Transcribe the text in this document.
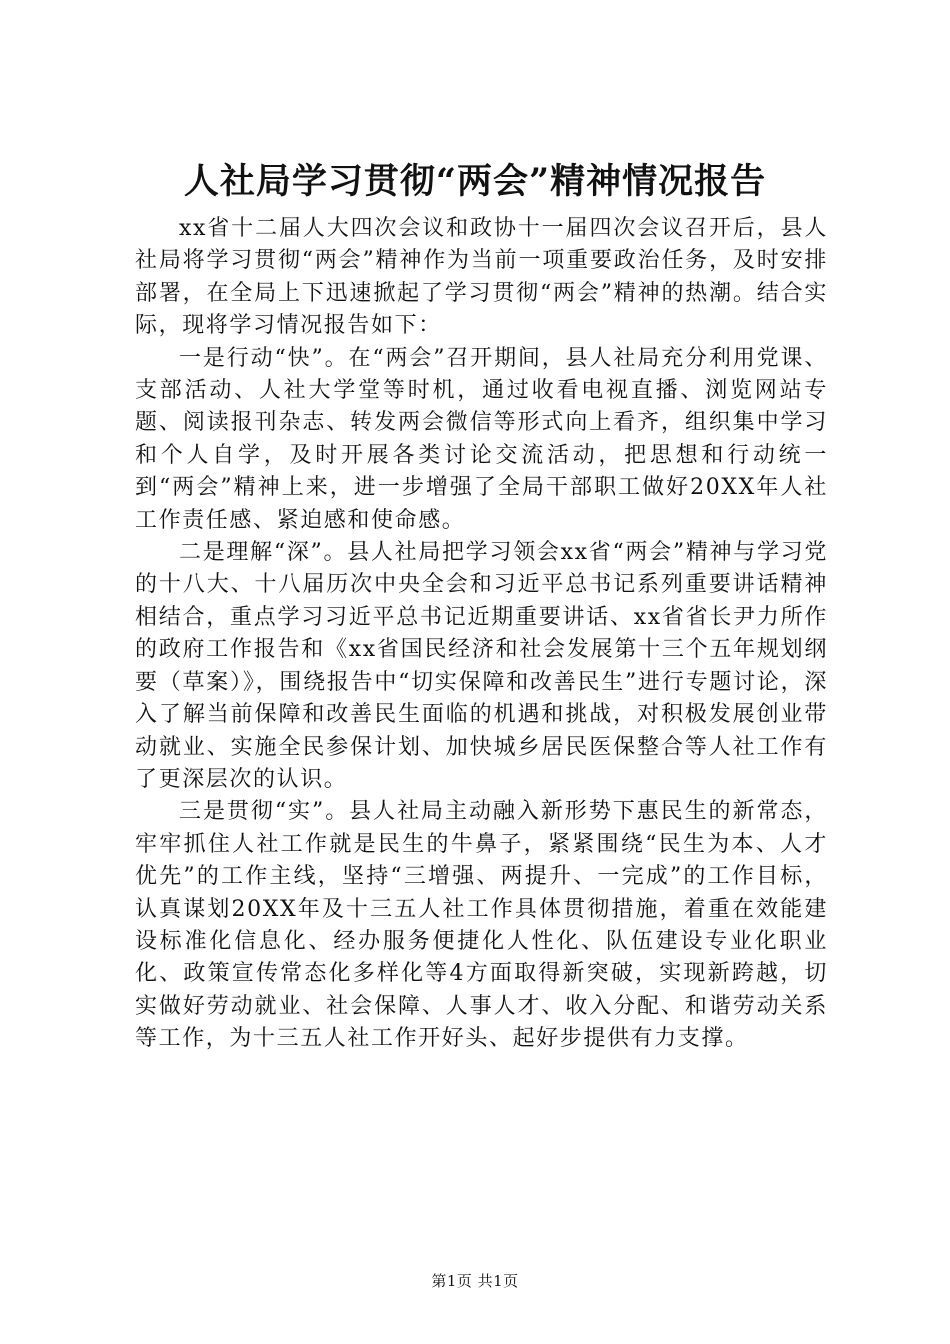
人社局学习贯彻“两会”精神情况报告

xx省十二届人大四次会议和政协十一届四次会议召开后，县人社局将学习贯彻“两会”精神作为当前一项重要政治任务，及时安排部署，在全局上下迅速掀起了学习贯彻“两会”精神的热潮。结合实际，现将学习情况报告如下：

一是行动“快”。在“两会”召开期间，县人社局充分利用党课、支部活动、人社大学堂等时机，通过收看电视直播、浏览网站专题、阅读报刊杂志、转发两会微信等形式向上看齐，组织集中学习和个人自学，及时开展各类讨论交流活动，把思想和行动统一到“两会”精神上来，进一步增强了全局干部职工做好20XX年人社工作责任感、紧迫感和使命感。

二是理解“深”。县人社局把学习领会xx省“两会”精神与学习党的十八大、十八届历次中央全会和习近平总书记系列重要讲话精神相结合，重点学习习近平总书记近期重要讲话、xx省省长尹力所作的政府工作报告和《xx省国民经济和社会发展第十三个五年规划纲要（草案）》，围绕报告中“切实保障和改善民生”进行专题讨论，深入了解当前保障和改善民生面临的机遇和挑战，对积极发展创业带动就业、实施全民参保计划、加快城乡居民医保整合等人社工作有了更深层次的认识。

三是贯彻“实”。县人社局主动融入新形势下惠民生的新常态，牢牢抓住人社工作就是民生的牛鼻子，紧紧围绕“民生为本、人才优先”的工作主线，坚持“三增强、两提升、一完成”的工作目标，认真谋划20XX年及十三五人社工作具体贯彻措施，着重在效能建设标准化信息化、经办服务便捷化人性化、队伍建设专业化职业化、政策宣传常态化多样化等4方面取得新突破，实现新跨越，切实做好劳动就业、社会保障、人事人才、收入分配、和谐劳动关系等工作，为十三五人社工作开好头、起好步提供有力支撑。

第1页 共1页
